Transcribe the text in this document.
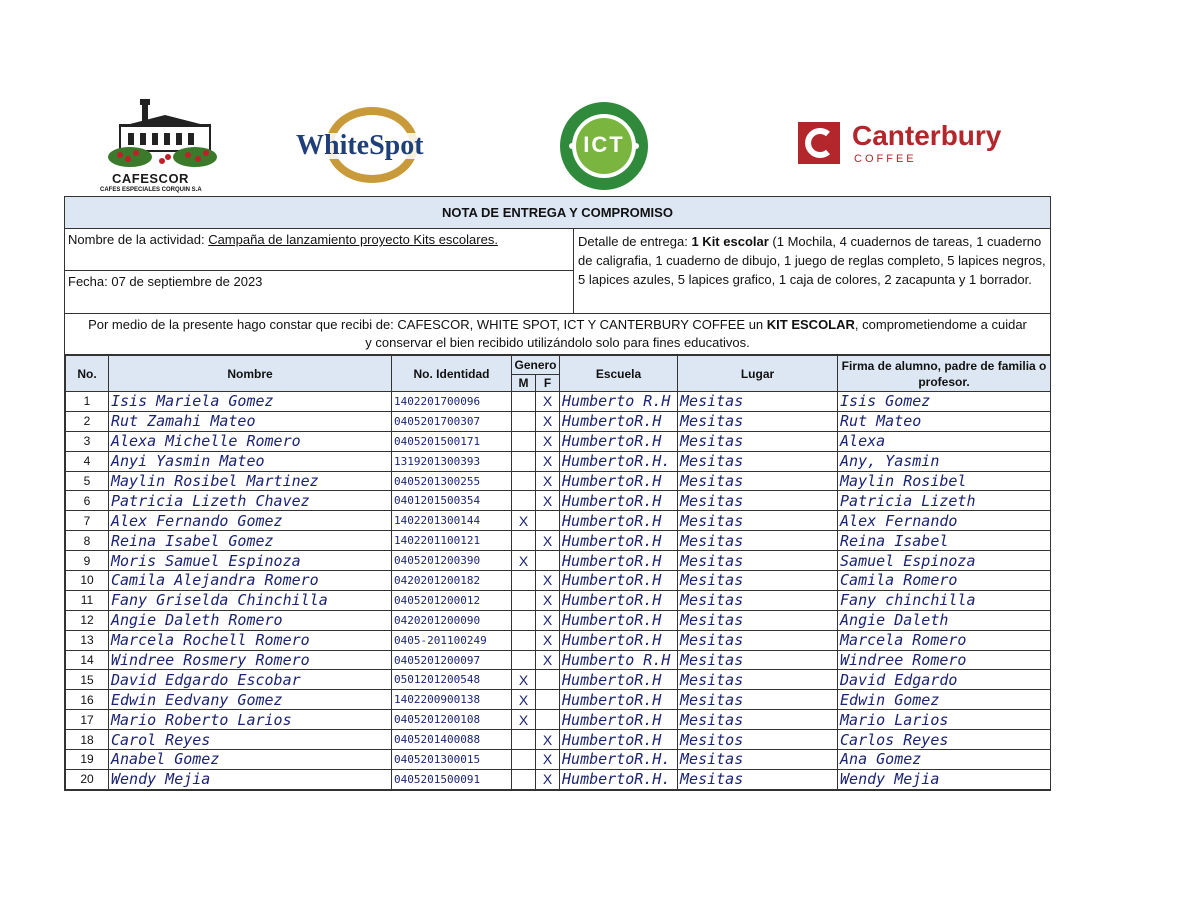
CAFESCOR
CAFES ESPECIALES CORQUIN S.A
WhiteSpot	ICT	Canterbury
COFFEE
NOTA DE ENTREGA Y COMPROMISO
Nombre de la actividad: Campaña de lanzamiento proyecto Kits escolares.
Fecha: 07 de septiembre de 2023
Detalle de entrega: 1 Kit escolar (1 Mochila, 4 cuadernos de tareas, 1 cuaderno de caligrafia, 1 cuaderno de dibujo, 1 juego de reglas completo, 5 lapices negros, 5 lapices azules, 5 lapices grafico, 1 caja de colores, 2 zacapunta y 1 borrador.
Por medio de la presente hago constar que recibi de: CAFESCOR, WHITE SPOT, ICT Y CANTERBURY COFFEE un KIT ESCOLAR, comprometiendome a cuidar y conservar el bien recibido utilizándolo solo para fines educativos.
No.	Nombre	No. Identidad	Genero		Escuela	Lugar	Firma de alumno, padre de familia o profesor.
			M	F			
1	Isis Mariela Gomez	1402201700096		X	Humberto R.H	Mesitas	Isis Gomez
2	Rut Zamahi Mateo	0405201700307		X	HumbertoR.H	Mesitas	Rut Mateo
3	Alexa Michelle Romero	0405201500171		X	HumbertoR.H	Mesitas	Alexa
4	Anyi Yasmin Mateo	1319201300393		X	HumbertoR.H.	Mesitas	Any, Yasmin
5	Maylin Rosibel Martinez	0405201300255		X	HumbertoR.H	Mesitas	Maylin Rosibel
6	Patricia Lizeth Chavez	0401201500354		X	HumbertoR.H	Mesitas	Patricia Lizeth
7	Alex Fernando Gomez	1402201300144	X		HumbertoR.H	Mesitas	Alex Fernando
8	Reina Isabel Gomez	1402201100121		X	HumbertoR.H	Mesitas	Reina Isabel
9	Moris Samuel Espinoza	0405201200390	X		HumbertoR.H	Mesitas	Samuel Espinoza
10	Camila Alejandra Romero	0420201200182		X	HumbertoR.H	Mesitas	Camila Romero
11	Fany Griselda Chinchilla	0405201200012		X	HumbertoR.H	Mesitas	Fany chinchilla
12	Angie Daleth Romero	0420201200090		X	HumbertoR.H	Mesitas	Angie Daleth
13	Marcela Rochell Romero	0405-201100249		X	HumbertoR.H	Mesitas	Marcela Romero
14	Windree Rosmery Romero	0405201200097		X	Humberto R.H	Mesitas	Windree Romero
15	David Edgardo Escobar	0501201200548	X		HumbertoR.H	Mesitas	David Edgardo
16	Edwin Eedvany Gomez	1402200900138	X		HumbertoR.H	Mesitas	Edwin Gomez
17	Mario Roberto Larios	0405201200108	X		HumbertoR.H	Mesitas	Mario Larios
18	Carol Reyes	0405201400088		X	HumbertoR.H	Mesitos	Carlos Reyes
19	Anabel Gomez	0405201300015		X	HumbertoR.H.	Mesitas	Ana Gomez
20	Wendy Mejia	0405201500091		X	HumbertoR.H.	Mesitas	Wendy Mejia
